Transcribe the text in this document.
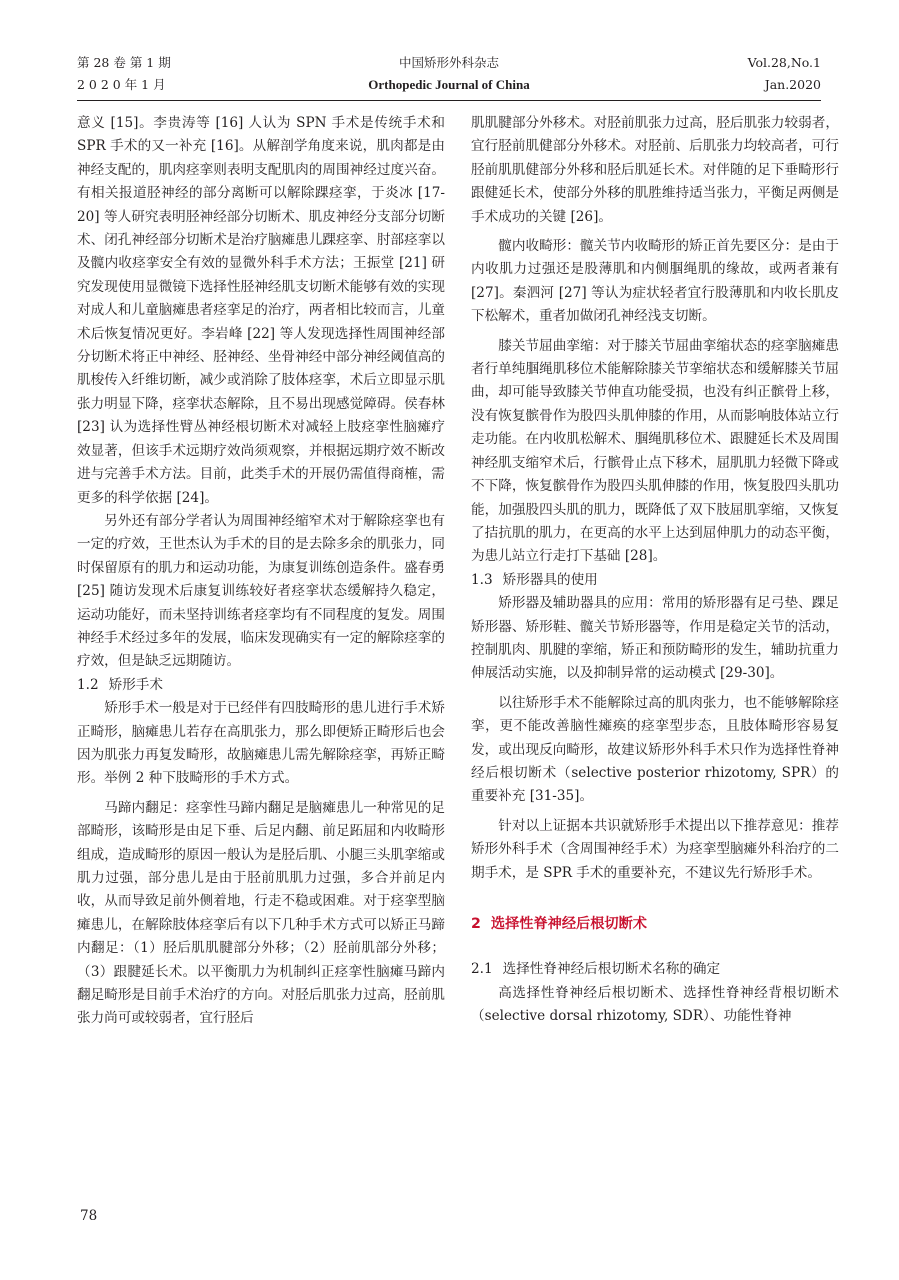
第 28 卷 第 1 期	中国矫形外科杂志	Vol.28,No.1
2 0 2 0 年 1 月	Orthopedic Journal of China	Jan.2020

意义 [15]。李贵涛等 [16] 人认为 SPN 手术是传统手术和 SPR 手术的又一补充 [16]。从解剖学角度来说，肌肉都是由神经支配的，肌肉痉挛则表明支配肌肉的周围神经过度兴奋。有相关报道胫神经的部分离断可以解除踝痉挛，于炎冰 [17-20] 等人研究表明胫神经部分切断术、肌皮神经分支部分切断术、闭孔神经部分切断术是治疗脑瘫患儿踝痉挛、肘部痉挛以及髋内收痉挛安全有效的显微外科手术方法；王振堂 [21] 研究发现使用显微镜下选择性胫神经肌支切断术能够有效的实现对成人和儿童脑瘫患者痉挛足的治疗，两者相比较而言，儿童术后恢复情况更好。李岩峰 [22] 等人发现选择性周围神经部分切断术将正中神经、胫神经、坐骨神经中部分神经阈值高的肌梭传入纤维切断，减少或消除了肢体痉挛，术后立即显示肌张力明显下降，痉挛状态解除，且不易出现感觉障碍。侯春林 [23] 认为选择性臂丛神经根切断术对减轻上肢痉挛性脑瘫疗效显著，但该手术远期疗效尚须观察，并根据远期疗效不断改进与完善手术方法。目前，此类手术的开展仍需值得商榷，需更多的科学依据 [24]。

另外还有部分学者认为周围神经缩窄术对于解除痉挛也有一定的疗效，王世杰认为手术的目的是去除多余的肌张力，同时保留原有的肌力和运动功能，为康复训练创造条件。盛春勇 [25] 随访发现术后康复训练较好者痉挛状态缓解持久稳定，运动功能好，而未坚持训练者痉挛均有不同程度的复发。周围神经手术经过多年的发展，临床发现确实有一定的解除痉挛的疗效，但是缺乏远期随访。

1.2 矫形手术

矫形手术一般是对于已经伴有四肢畸形的患儿进行手术矫正畸形，脑瘫患儿若存在高肌张力，那么即便矫正畸形后也会因为肌张力再复发畸形，故脑瘫患儿需先解除痉挛，再矫正畸形。举例 2 种下肢畸形的手术方式。

马蹄内翻足：痉挛性马蹄内翻足是脑瘫患儿一种常见的足部畸形，该畸形是由足下垂、后足内翻、前足跖屈和内收畸形组成，造成畸形的原因一般认为是胫后肌、小腿三头肌挛缩或肌力过强，部分患儿是由于胫前肌肌力过强，多合并前足内收，从而导致足前外侧着地，行走不稳或困难。对于痉挛型脑瘫患儿，在解除肢体痉挛后有以下几种手术方式可以矫正马蹄内翻足：（1）胫后肌肌腱部分外移；（2）胫前肌部分外移；（3）跟腱延长术。以平衡肌力为机制纠正痉挛性脑瘫马蹄内翻足畸形是目前手术治疗的方向。对胫后肌张力过高，胫前肌张力尚可或较弱者，宜行胫后

肌肌腱部分外移术。对胫前肌张力过高，胫后肌张力较弱者，宜行胫前肌健部分外移术。对胫前、后肌张力均较高者，可行胫前肌肌健部分外移和胫后肌延长术。对伴随的足下垂畸形行跟健延长术，使部分外移的肌胜维持适当张力，平衡足两侧是手术成功的关键 [26]。

髋内收畸形：髋关节内收畸形的矫正首先要区分：是由于内收肌力过强还是股薄肌和内侧腘绳肌的缘故，或两者兼有 [27]。秦泗河 [27] 等认为症状轻者宜行股薄肌和内收长肌皮下松解术，重者加做闭孔神经浅支切断。

膝关节屈曲挛缩：对于膝关节屈曲挛缩状态的痉挛脑瘫患者行单纯腘绳肌移位术能解除膝关节挛缩状态和缓解膝关节屈曲，却可能导致膝关节伸直功能受损，也没有纠正髌骨上移，没有恢复髌骨作为股四头肌伸膝的作用，从而影响肢体站立行走功能。在内收肌松解术、腘绳肌移位术、跟腱延长术及周围神经肌支缩窄术后，行髌骨止点下移术，屈肌肌力轻微下降或不下降，恢复髌骨作为股四头肌伸膝的作用，恢复股四头肌功能，加强股四头肌的肌力，既降低了双下肢屈肌挛缩，又恢复了拮抗肌的肌力，在更高的水平上达到屈伸肌力的动态平衡，为患儿站立行走打下基础 [28]。

1.3 矫形器具的使用

矫形器及辅助器具的应用：常用的矫形器有足弓垫、踝足矫形器、矫形鞋、髋关节矫形器等，作用是稳定关节的活动，控制肌肉、肌腱的挛缩，矫正和预防畸形的发生，辅助抗重力伸展活动实施，以及抑制异常的运动模式 [29-30]。

以往矫形手术不能解除过高的肌肉张力，也不能够解除痉挛，更不能改善脑性瘫痪的痉挛型步态，且肢体畸形容易复发，或出现反向畸形，故建议矫形外科手术只作为选择性脊神经后根切断术（selective posterior rhizotomy, SPR）的重要补充 [31-35]。

针对以上证据本共识就矫形手术提出以下推荐意见：推荐矫形外科手术（含周围神经手术）为痉挛型脑瘫外科治疗的二期手术，是 SPR 手术的重要补充，不建议先行矫形手术。

2 选择性脊神经后根切断术
2.1 选择性脊神经后根切断术名称的确定

高选择性脊神经后根切断术、选择性脊神经背根切断术（selective dorsal rhizotomy, SDR）、功能性脊神

78
